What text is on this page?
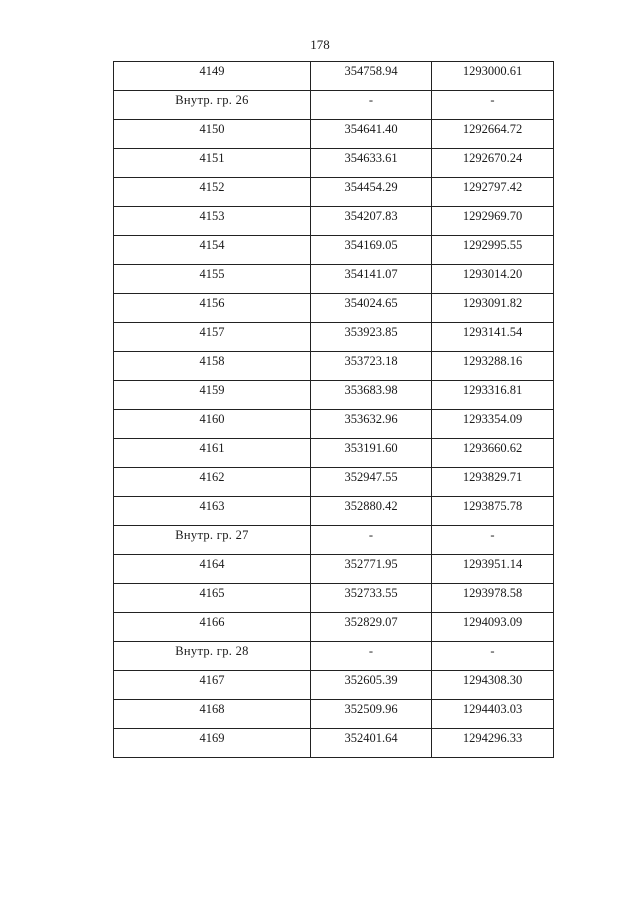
178
4149	354758.94	1293000.61
Внутр. гр. 26	-	-
4150	354641.40	1292664.72
4151	354633.61	1292670.24
4152	354454.29	1292797.42
4153	354207.83	1292969.70
4154	354169.05	1292995.55
4155	354141.07	1293014.20
4156	354024.65	1293091.82
4157	353923.85	1293141.54
4158	353723.18	1293288.16
4159	353683.98	1293316.81
4160	353632.96	1293354.09
4161	353191.60	1293660.62
4162	352947.55	1293829.71
4163	352880.42	1293875.78
Внутр. гр. 27	-	-
4164	352771.95	1293951.14
4165	352733.55	1293978.58
4166	352829.07	1294093.09
Внутр. гр. 28	-	-
4167	352605.39	1294308.30
4168	352509.96	1294403.03
4169	352401.64	1294296.33
